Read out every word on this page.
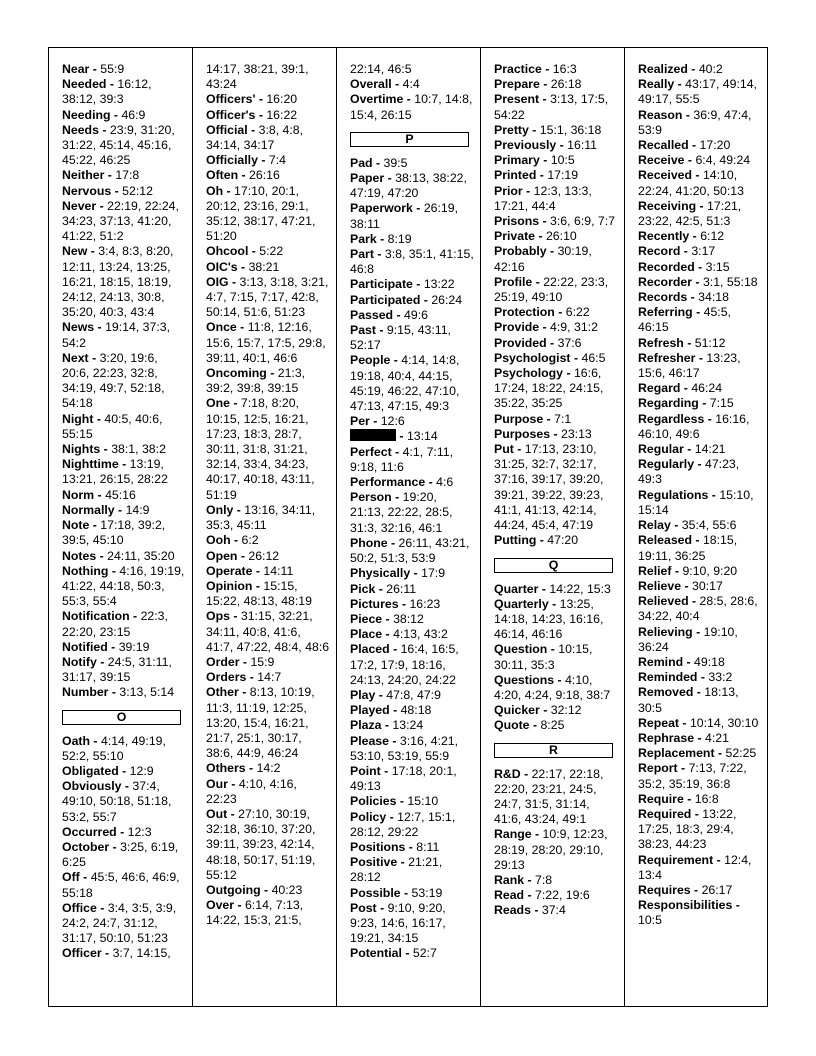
Near - 55:9

Needed - 16:12, 38:12, 39:3

Needing - 46:9

Needs - 23:9, 31:20, 31:22, 45:14, 45:16, 45:22, 46:25

Neither - 17:8

Nervous - 52:12

Never - 22:19, 22:24, 34:23, 37:13, 41:20, 41:22, 51:2

New - 3:4, 8:3, 8:20, 12:11, 13:24, 13:25, 16:21, 18:15, 18:19, 24:12, 24:13, 30:8, 35:20, 40:3, 43:4

News - 19:14, 37:3, 54:2

Next - 3:20, 19:6, 20:6, 22:23, 32:8, 34:19, 49:7, 52:18, 54:18

Night - 40:5, 40:6, 55:15

Nights - 38:1, 38:2

Nighttime - 13:19, 13:21, 26:15, 28:22

Norm - 45:16

Normally - 14:9

Note - 17:18, 39:2, 39:5, 45:10

Notes - 24:11, 35:20

Nothing - 4:16, 19:19, 41:22, 44:18, 50:3, 55:3, 55:4

Notification - 22:3, 22:20, 23:15

Notified - 39:19

Notify - 24:5, 31:11, 31:17, 39:15

Number - 3:13, 5:14

O

Oath - 4:14, 49:19, 52:2, 55:10

Obligated - 12:9

Obviously - 37:4, 49:10, 50:18, 51:18, 53:2, 55:7

Occurred - 12:3

October - 3:25, 6:19, 6:25

Off - 45:5, 46:6, 46:9, 55:18

Office - 3:4, 3:5, 3:9, 24:2, 24:7, 31:12, 31:17, 50:10, 51:23

Officer - 3:7, 14:15,

14:17, 38:21, 39:1, 43:24

Officers' - 16:20

Officer's - 16:22

Official - 3:8, 4:8, 34:14, 34:17

Officially - 7:4

Often - 26:16

Oh - 17:10, 20:1, 20:12, 23:16, 29:1, 35:12, 38:17, 47:21, 51:20

Ohcool - 5:22

OIC's - 38:21

OIG - 3:13, 3:18, 3:21, 4:7, 7:15, 7:17, 42:8, 50:14, 51:6, 51:23

Once - 11:8, 12:16, 15:6, 15:7, 17:5, 29:8, 39:11, 40:1, 46:6

Oncoming - 21:3, 39:2, 39:8, 39:15

One - 7:18, 8:20, 10:15, 12:5, 16:21, 17:23, 18:3, 28:7, 30:11, 31:8, 31:21, 32:14, 33:4, 34:23, 40:17, 40:18, 43:11, 51:19

Only - 13:16, 34:11, 35:3, 45:11

Ooh - 6:2

Open - 26:12

Operate - 14:11

Opinion - 15:15, 15:22, 48:13, 48:19

Ops - 31:15, 32:21, 34:11, 40:8, 41:6, 41:7, 47:22, 48:4, 48:6

Order - 15:9

Orders - 14:7

Other - 8:13, 10:19, 11:3, 11:19, 12:25, 13:20, 15:4, 16:21, 21:7, 25:1, 30:17, 38:6, 44:9, 46:24

Others - 14:2

Our - 4:10, 4:16, 22:23

Out - 27:10, 30:19, 32:18, 36:10, 37:20, 39:11, 39:23, 42:14, 48:18, 50:17, 51:19, 55:12

Outgoing - 40:23

Over - 6:14, 7:13, 14:22, 15:3, 21:5,

22:14, 46:5

Overall - 4:4

Overtime - 10:7, 14:8, 15:4, 26:15

P

Pad - 39:5

Paper - 38:13, 38:22, 47:19, 47:20

Paperwork - 26:19, 38:11

Park - 8:19

Part - 3:8, 35:1, 41:15, 46:8

Participate - 13:22

Participated - 26:24

Passed - 49:6

Past - 9:15, 43:11, 52:17

People - 4:14, 14:8, 19:18, 40:4, 44:15, 45:19, 46:22, 47:10, 47:13, 47:15, 49:3

Per - 12:6

- 13:14

Perfect - 4:1, 7:11, 9:18, 11:6

Performance - 4:6

Person - 19:20, 21:13, 22:22, 28:5, 31:3, 32:16, 46:1

Phone - 26:11, 43:21, 50:2, 51:3, 53:9

Physically - 17:9

Pick - 26:11

Pictures - 16:23

Piece - 38:12

Place - 4:13, 43:2

Placed - 16:4, 16:5, 17:2, 17:9, 18:16, 24:13, 24:20, 24:22

Play - 47:8, 47:9

Played - 48:18

Plaza - 13:24

Please - 3:16, 4:21, 53:10, 53:19, 55:9

Point - 17:18, 20:1, 49:13

Policies - 15:10

Policy - 12:7, 15:1, 28:12, 29:22

Positions - 8:11

Positive - 21:21, 28:12

Possible - 53:19

Post - 9:10, 9:20, 9:23, 14:6, 16:17, 19:21, 34:15

Potential - 52:7

Practice - 16:3

Prepare - 26:18

Present - 3:13, 17:5, 54:22

Pretty - 15:1, 36:18

Previously - 16:11

Primary - 10:5

Printed - 17:19

Prior - 12:3, 13:3, 17:21, 44:4

Prisons - 3:6, 6:9, 7:7

Private - 26:10

Probably - 30:19, 42:16

Profile - 22:22, 23:3, 25:19, 49:10

Protection - 6:22

Provide - 4:9, 31:2

Provided - 37:6

Psychologist - 46:5

Psychology - 16:6, 17:24, 18:22, 24:15, 35:22, 35:25

Purpose - 7:1

Purposes - 23:13

Put - 17:13, 23:10, 31:25, 32:7, 32:17, 37:16, 39:17, 39:20, 39:21, 39:22, 39:23, 41:1, 41:13, 42:14, 44:24, 45:4, 47:19

Putting - 47:20

Q

Quarter - 14:22, 15:3

Quarterly - 13:25, 14:18, 14:23, 16:16, 46:14, 46:16

Question - 10:15, 30:11, 35:3

Questions - 4:10, 4:20, 4:24, 9:18, 38:7

Quicker - 32:12

Quote - 8:25

R

R&D - 22:17, 22:18, 22:20, 23:21, 24:5, 24:7, 31:5, 31:14, 41:6, 43:24, 49:1

Range - 10:9, 12:23, 28:19, 28:20, 29:10, 29:13

Rank - 7:8

Read - 7:22, 19:6

Reads - 37:4

Realized - 40:2

Really - 43:17, 49:14, 49:17, 55:5

Reason - 36:9, 47:4, 53:9

Recalled - 17:20

Receive - 6:4, 49:24

Received - 14:10, 22:24, 41:20, 50:13

Receiving - 17:21, 23:22, 42:5, 51:3

Recently - 6:12

Record - 3:17

Recorded - 3:15

Recorder - 3:1, 55:18

Records - 34:18

Referring - 45:5, 46:15

Refresh - 51:12

Refresher - 13:23, 15:6, 46:17

Regard - 46:24

Regarding - 7:15

Regardless - 16:16, 46:10, 49:6

Regular - 14:21

Regularly - 47:23, 49:3

Regulations - 15:10, 15:14

Relay - 35:4, 55:6

Released - 18:15, 19:11, 36:25

Relief - 9:10, 9:20

Relieve - 30:17

Relieved - 28:5, 28:6, 34:22, 40:4

Relieving - 19:10, 36:24

Remind - 49:18

Reminded - 33:2

Removed - 18:13, 30:5

Repeat - 10:14, 30:10

Rephrase - 4:21

Replacement - 52:25

Report - 7:13, 7:22, 35:2, 35:19, 36:8

Require - 16:8

Required - 13:22, 17:25, 18:3, 29:4, 38:23, 44:23

Requirement - 12:4, 13:4

Requires - 26:17

Responsibilities - 10:5
